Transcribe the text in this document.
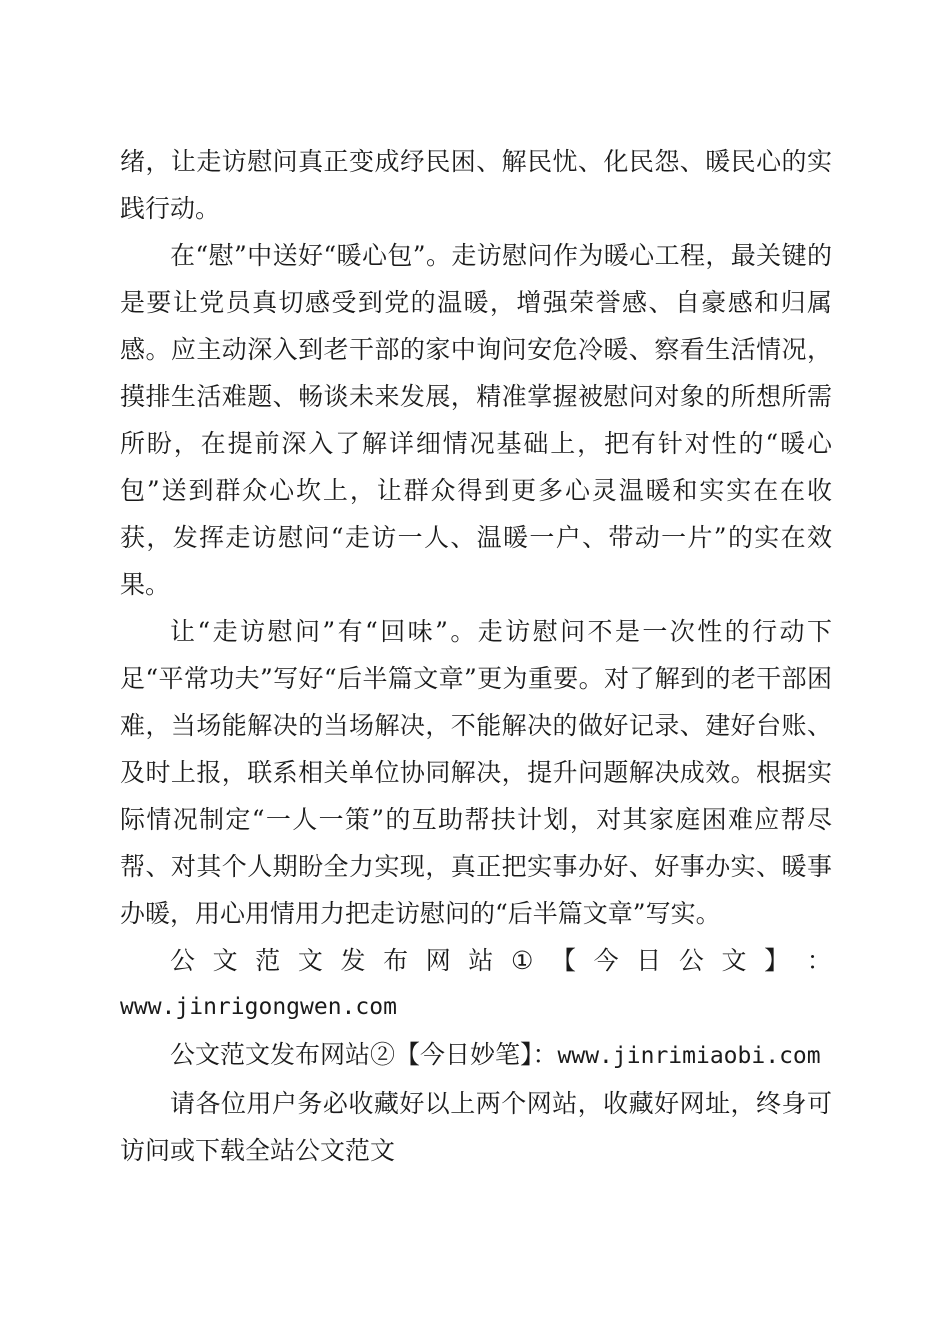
绪，让走访慰问真正变成纾民困、解民忧、化民怨、暖民心的实践行动。

在“慰”中送好“暖心包”。走访慰问作为暖心工程，最关键的是要让党员真切感受到党的温暖，增强荣誉感、自豪感和归属感。应主动深入到老干部的家中询问安危冷暖、察看生活情况，摸排生活难题、畅谈未来发展，精准掌握被慰问对象的所想所需所盼，在提前深入了解详细情况基础上，把有针对性的“暖心包”送到群众心坎上，让群众得到更多心灵温暖和实实在在收获，发挥走访慰问“走访一人、温暖一户、带动一片”的实在效果。

让“走访慰问”有“回味”。走访慰问不是一次性的行动下足“平常功夫”写好“后半篇文章”更为重要。对了解到的老干部困难，当场能解决的当场解决，不能解决的做好记录、建好台账、及时上报，联系相关单位协同解决，提升问题解决成效。根据实际情况制定“一人一策”的互助帮扶计划，对其家庭困难应帮尽帮、对其个人期盼全力实现，真正把实事办好、好事办实、暖事办暖，用心用情用力把走访慰问的“后半篇文章”写实。

公 文 范 文 发 布 网 站 ① 【 今 日 公 文 】 ：
www.jinrigongwen.com

公文范文发布网站②【今日妙笔】：www.jinrimiaobi.com

请各位用户务必收藏好以上两个网站，收藏好网址，终身可访问或下载全站公文范文
